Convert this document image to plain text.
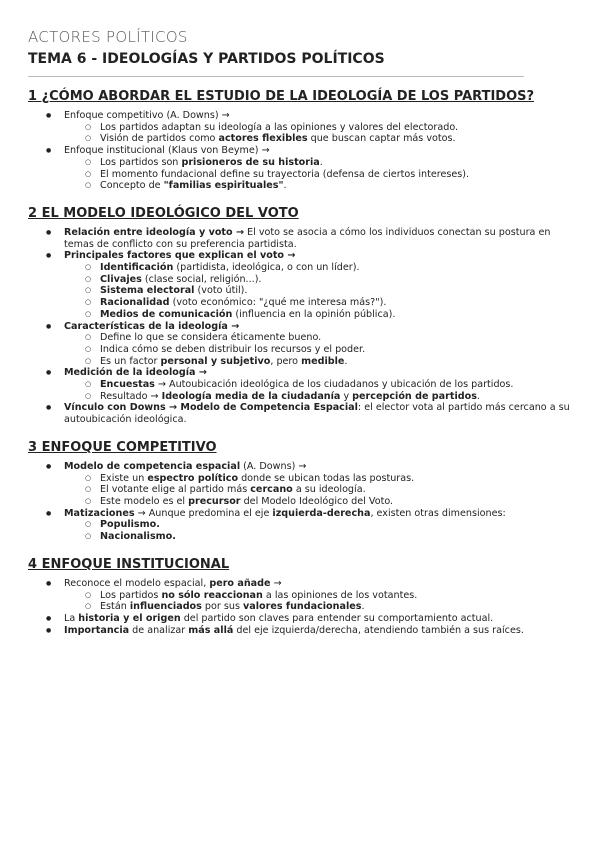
ACTORES POLÍTICOS
TEMA 6 - IDEOLOGÍAS Y PARTIDOS POLÍTICOS
1 ¿CÓMO ABORDAR EL ESTUDIO DE LA IDEOLOGÍA DE LOS PARTIDOS?
● Enfoque competitivo (A. Downs) →
○ Los partidos adaptan su ideología a las opiniones y valores del electorado.
○ Visión de partidos como actores flexibles que buscan captar más votos.
● Enfoque institucional (Klaus von Beyme) →
○ Los partidos son prisioneros de su historia.
○ El momento fundacional define su trayectoria (defensa de ciertos intereses).
○ Concepto de "familias espirituales".
2 EL MODELO IDEOLÓGICO DEL VOTO
● Relación entre ideología y voto → El voto se asocia a cómo los individuos conectan su postura en temas de conflicto con su preferencia partidista.
● Principales factores que explican el voto →
○ Identificación (partidista, ideológica, o con un líder).
○ Clivajes (clase social, religión...).
○ Sistema electoral (voto útil).
○ Racionalidad (voto económico: "¿qué me interesa más?").
○ Medios de comunicación (influencia en la opinión pública).
● Características de la ideología →
○ Define lo que se considera éticamente bueno.
○ Indica cómo se deben distribuir los recursos y el poder.
○ Es un factor personal y subjetivo, pero medible.
● Medición de la ideología →
○ Encuestas → Autoubicación ideológica de los ciudadanos y ubicación de los partidos.
○ Resultado → Ideología media de la ciudadanía y percepción de partidos.
● Vínculo con Downs → Modelo de Competencia Espacial: el elector vota al partido más cercano a su autoubicación ideológica.
3 ENFOQUE COMPETITIVO
● Modelo de competencia espacial (A. Downs) →
○ Existe un espectro político donde se ubican todas las posturas.
○ El votante elige al partido más cercano a su ideología.
○ Este modelo es el precursor del Modelo Ideológico del Voto.
● Matizaciones → Aunque predomina el eje izquierda-derecha, existen otras dimensiones:
○ Populismo.
○ Nacionalismo.
4 ENFOQUE INSTITUCIONAL
● Reconoce el modelo espacial, pero añade →
○ Los partidos no sólo reaccionan a las opiniones de los votantes.
○ Están influenciados por sus valores fundacionales.
● La historia y el origen del partido son claves para entender su comportamiento actual.
● Importancia de analizar más allá del eje izquierda/derecha, atendiendo también a sus raíces.
